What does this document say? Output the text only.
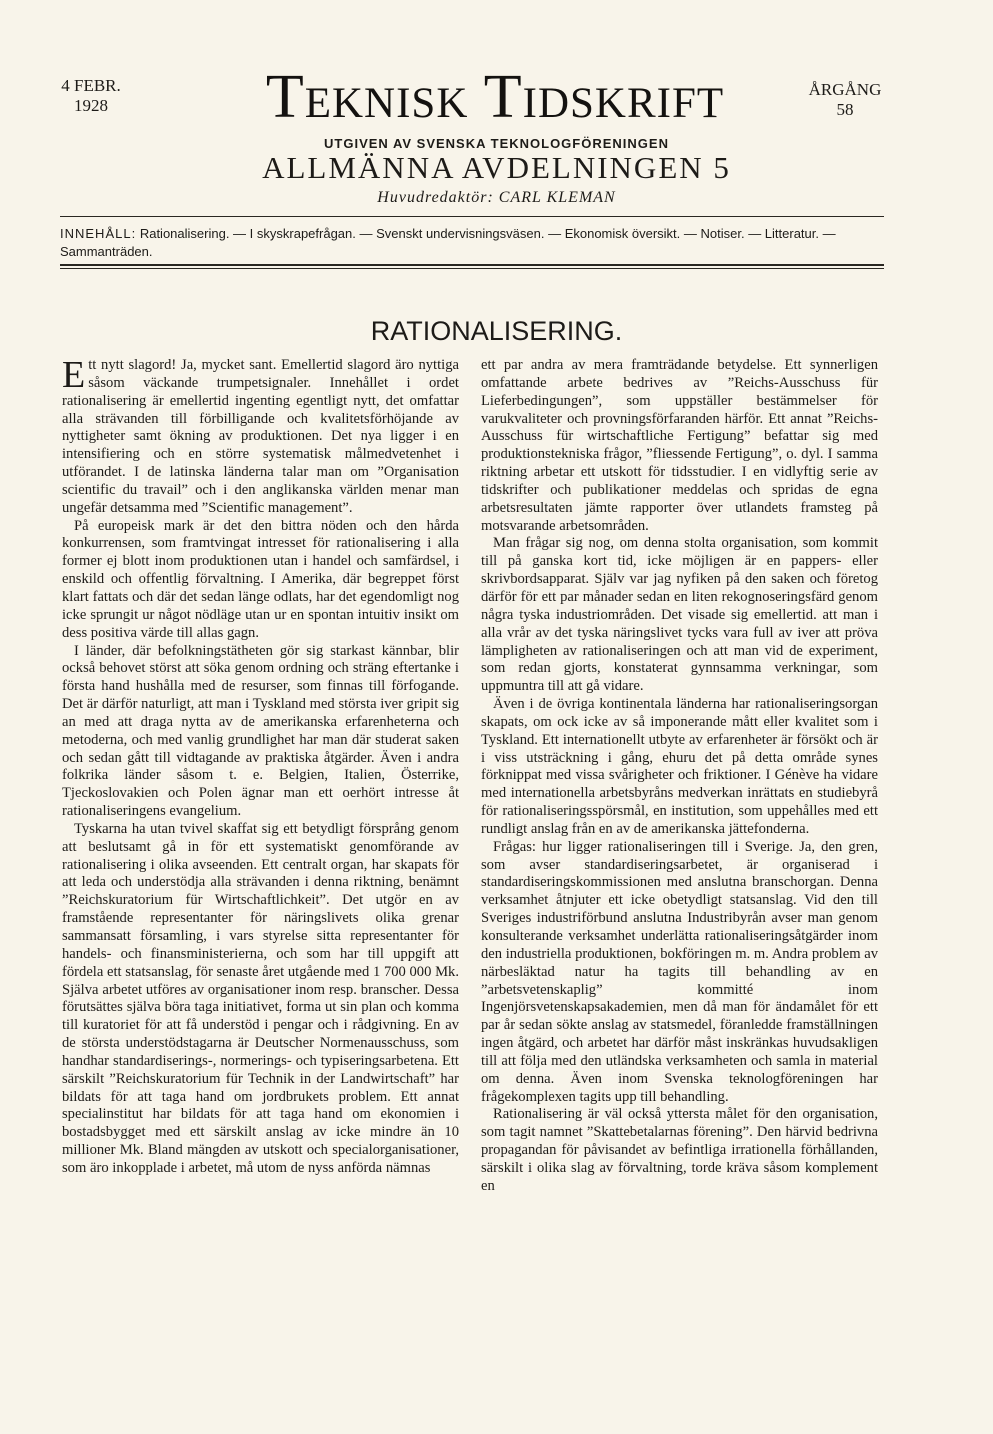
4 FEBR.
1928	Teknisk Tidskrift	ÅRGÅNG
58
UTGIVEN AV SVENSKA TEKNOLOGFÖRENINGEN
ALLMÄNNA AVDELNINGEN 5
Huvudredaktör: CARL KLEMAN
INNEHÅLL: Rationalisering. — I skyskrapefrågan. — Svenskt undervisningsväsen. — Ekonomisk översikt. — Notiser. — Litteratur. — Sammanträden.
RATIONALISERING.

Ett nytt slagord! Ja, mycket sant. Emellertid slagord äro nyttiga såsom väckande trumpetsignaler. Innehållet i ordet rationalisering är emellertid ingenting egentligt nytt, det omfattar alla strävanden till förbilligande och kvalitetsförhöjande av nyttigheter samt ökning av produktionen. Det nya ligger i en intensifiering och en större systematisk målmedvetenhet i utförandet. I de latinska länderna talar man om ”Organisation scientific du travail” och i den anglikanska världen menar man ungefär detsamma med ”Scientific management”.

På europeisk mark är det den bittra nöden och den hårda konkurrensen, som framtvingat intresset för rationalisering i alla former ej blott inom produktionen utan i handel och samfärdsel, i enskild och offentlig förvaltning. I Amerika, där begreppet först klart fattats och där det sedan länge odlats, har det egendomligt nog icke sprungit ur något nödläge utan ur en spontan intuitiv insikt om dess positiva värde till allas gagn.

I länder, där befolkningstätheten gör sig starkast kännbar, blir också behovet störst att söka genom ordning och sträng eftertanke i första hand hushålla med de resurser, som finnas till förfogande. Det är därför naturligt, att man i Tyskland med största iver gripit sig an med att draga nytta av de amerikanska erfarenheterna och metoderna, och med vanlig grundlighet har man där studerat saken och sedan gått till vidtagande av praktiska åtgärder. Även i andra folkrika länder såsom t. e. Belgien, Italien, Österrike, Tjeckoslovakien och Polen ägnar man ett oerhört intresse åt rationaliseringens evangelium.

Tyskarna ha utan tvivel skaffat sig ett betydligt försprång genom att beslutsamt gå in för ett systematiskt genomförande av rationalisering i olika avseenden. Ett centralt organ, har skapats för att leda och understödja alla strävanden i denna riktning, benämnt ”Reichskuratorium für Wirtschaftlichkeit”. Det utgör en av framstående representanter för näringslivets olika grenar sammansatt församling, i vars styrelse sitta representanter för handels- och finansministerierna, och som har till uppgift att fördela ett statsanslag, för senaste året utgående med 1 700 000 Mk. Själva arbetet utföres av organisationer inom resp. branscher. Dessa förutsättes själva böra taga initiativet, forma ut sin plan och komma till kuratoriet för att få understöd i pengar och i rådgivning. En av de största understödstagarna är Deutscher Normenausschuss, som handhar standardiserings-, normerings- och typiseringsarbetena. Ett särskilt ”Reichskuratorium für Technik in der Landwirtschaft” har bildats för att taga hand om jordbrukets problem. Ett annat specialinstitut har bildats för att taga hand om ekonomien i bostadsbygget med ett särskilt anslag av icke mindre än 10 millioner Mk. Bland mängden av utskott och specialorganisationer, som äro inkopplade i arbetet, må utom de nyss anförda nämnas

ett par andra av mera framträdande betydelse. Ett synnerligen omfattande arbete bedrives av ”Reichs-Ausschuss für Lieferbedingungen”, som uppställer bestämmelser för varukvaliteter och provningsförfaranden härför. Ett annat ”Reichs-Ausschuss für wirtschaftliche Fertigung” befattar sig med produktionstekniska frågor, ”fliessende Fertigung”, o. dyl. I samma riktning arbetar ett utskott för tidsstudier. I en vidlyftig serie av tidskrifter och publikationer meddelas och spridas de egna arbetsresultaten jämte rapporter över utlandets framsteg på motsvarande arbetsområden.

Man frågar sig nog, om denna stolta organisation, som kommit till på ganska kort tid, icke möjligen är en pappers- eller skrivbordsapparat. Själv var jag nyfiken på den saken och företog därför för ett par månader sedan en liten rekognoseringsfärd genom några tyska industriområden. Det visade sig emellertid. att man i alla vrår av det tyska näringslivet tycks vara full av iver att pröva lämpligheten av rationaliseringen och att man vid de experiment, som redan gjorts, konstaterat gynnsamma verkningar, som uppmuntra till att gå vidare.

Även i de övriga kontinentala länderna har rationaliseringsorgan skapats, om ock icke av så imponerande mått eller kvalitet som i Tyskland. Ett internationellt utbyte av erfarenheter är försökt och är i viss utsträckning i gång, ehuru det på detta område synes förknippat med vissa svårigheter och friktioner. I Génève ha vidare med internationella arbetsbyråns medverkan inrättats en studiebyrå för rationaliseringsspörsmål, en institution, som uppehålles med ett rundligt anslag från en av de amerikanska jättefonderna.

Frågas: hur ligger rationaliseringen till i Sverige. Ja, den gren, som avser standardiseringsarbetet, är organiserad i standardiseringskommissionen med anslutna branschorgan. Denna verksamhet åtnjuter ett icke obetydligt statsanslag. Vid den till Sveriges industriförbund anslutna Industribyrån avser man genom konsulterande verksamhet underlätta rationaliseringsåtgärder inom den industriella produktionen, bokföringen m. m. Andra problem av närbesläktad natur ha tagits till behandling av en ”arbetsvetenskaplig” kommitté inom Ingenjörsvetenskapsakademien, men då man för ändamålet för ett par år sedan sökte anslag av statsmedel, föranledde framställningen ingen åtgärd, och arbetet har därför måst inskränkas huvudsakligen till att följa med den utländska verksamheten och samla in material om denna. Även inom Svenska teknologföreningen har frågekomplexen tagits upp till behandling.

Rationalisering är väl också yttersta målet för den organisation, som tagit namnet ”Skattebetalarnas förening”. Den härvid bedrivna propagandan för påvisandet av befintliga irrationella förhållanden, särskilt i olika slag av förvaltning, torde kräva såsom komplement en
